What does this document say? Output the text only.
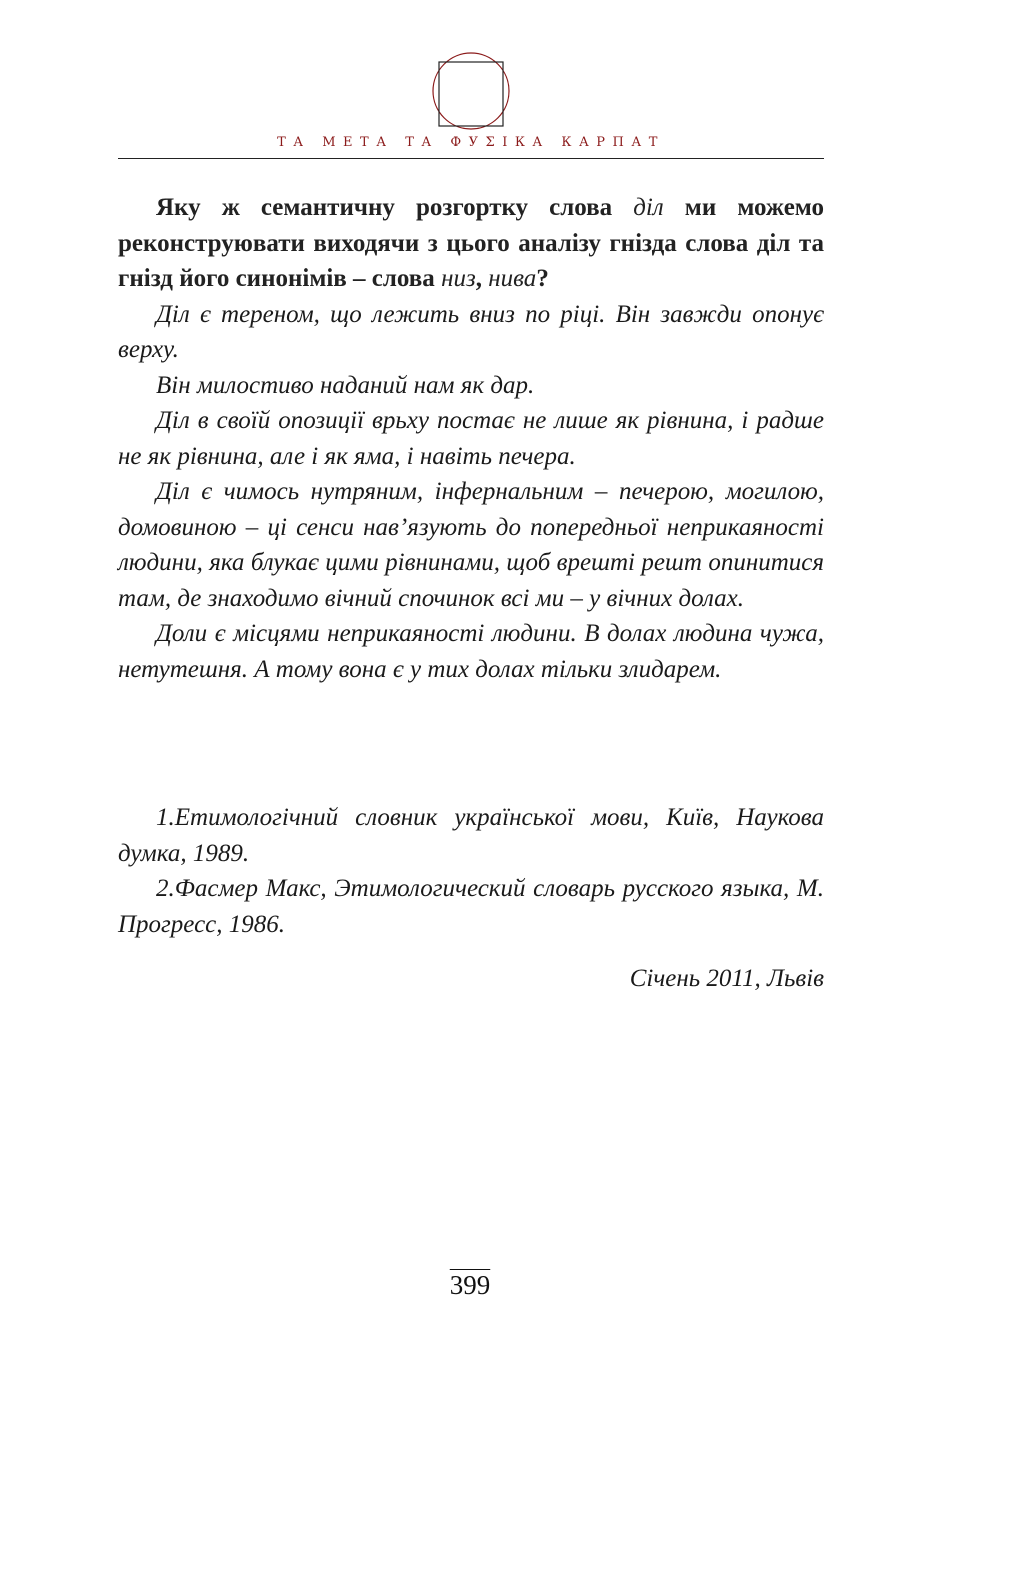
ТА МЕТА ТА ФУΣІКА КАРПАТ

Яку ж семантичну розгортку слова діл ми можемо реконструювати виходячи з цього аналізу гнізда слова діл та гнізд його синонімів – слова низ, нива?

Діл є тереном, що лежить вниз по ріці. Він завжди опонує верху.

Він милостиво наданий нам як дар.

Діл в своїй опозиції врьху постає не лише як рівнина, і радше не як рівнина, але і як яма, і навіть печера.

Діл є чимось нутряним, інфернальним – печерою, могилою, домовиною – ці сенси нав’язують до попередньої неприкаяності людини, яка блукає цими рівнинами, щоб врешті решт опинитися там, де знаходимо вічний спочинок всі ми – у вічних долах.

Доли є місцями неприкаяності людини. В долах людина чужа, нетутешня. А тому вона є у тих долах тільки злидарем.

1.Етимологічний словник української мови, Київ, Наукова думка, 1989.

2.Фасмер Макс, Этимологический словарь русского языка, М. Прогресс, 1986.

Січень 2011, Львів
399
